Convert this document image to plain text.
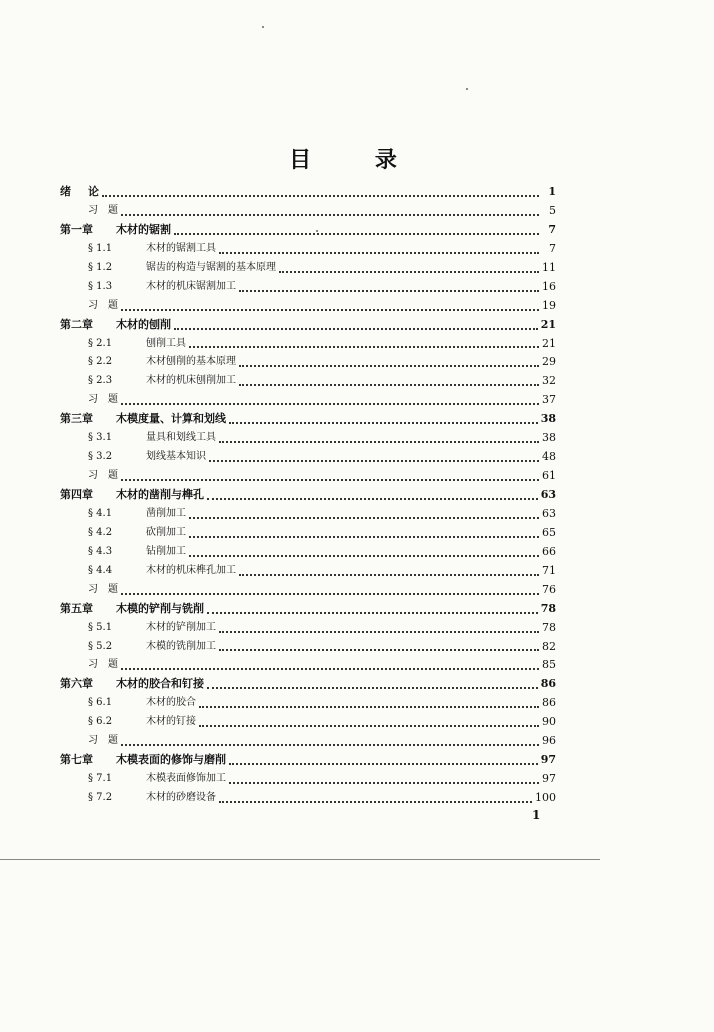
目 录
绪	论	1
习　题	5
第一章	木材的锯割	7
§ 1.1	木材的锯割工具	7
§ 1.2	锯齿的构造与锯割的基本原理	11
§ 1.3	木材的机床锯割加工	16
习　题	19
第二章	木材的刨削	21
§ 2.1	刨削工具	21
§ 2.2	木材刨削的基本原理	29
§ 2.3	木材的机床刨削加工	32
习　题	37
第三章	木模度量、计算和划线	38
§ 3.1	量具和划线工具	38
§ 3.2	划线基本知识	48
习　题	61
第四章	木材的凿削与榫孔	63
§ 4.1	凿削加工	63
§ 4.2	砍削加工	65
§ 4.3	钻削加工	66
§ 4.4	木材的机床榫孔加工	71
习　题	76
第五章	木模的铲削与铣削	78
§ 5.1	木材的铲削加工	78
§ 5.2	木模的铣削加工	82
习　题	85
第六章	木材的胶合和钉接	86
§ 6.1	木材的胶合	86
§ 6.2	木材的钉接	90
习　题	96
第七章	木模表面的修饰与磨削	97
§ 7.1	木模表面修饰加工	97
§ 7.2	木材的砂磨设备	100
1
